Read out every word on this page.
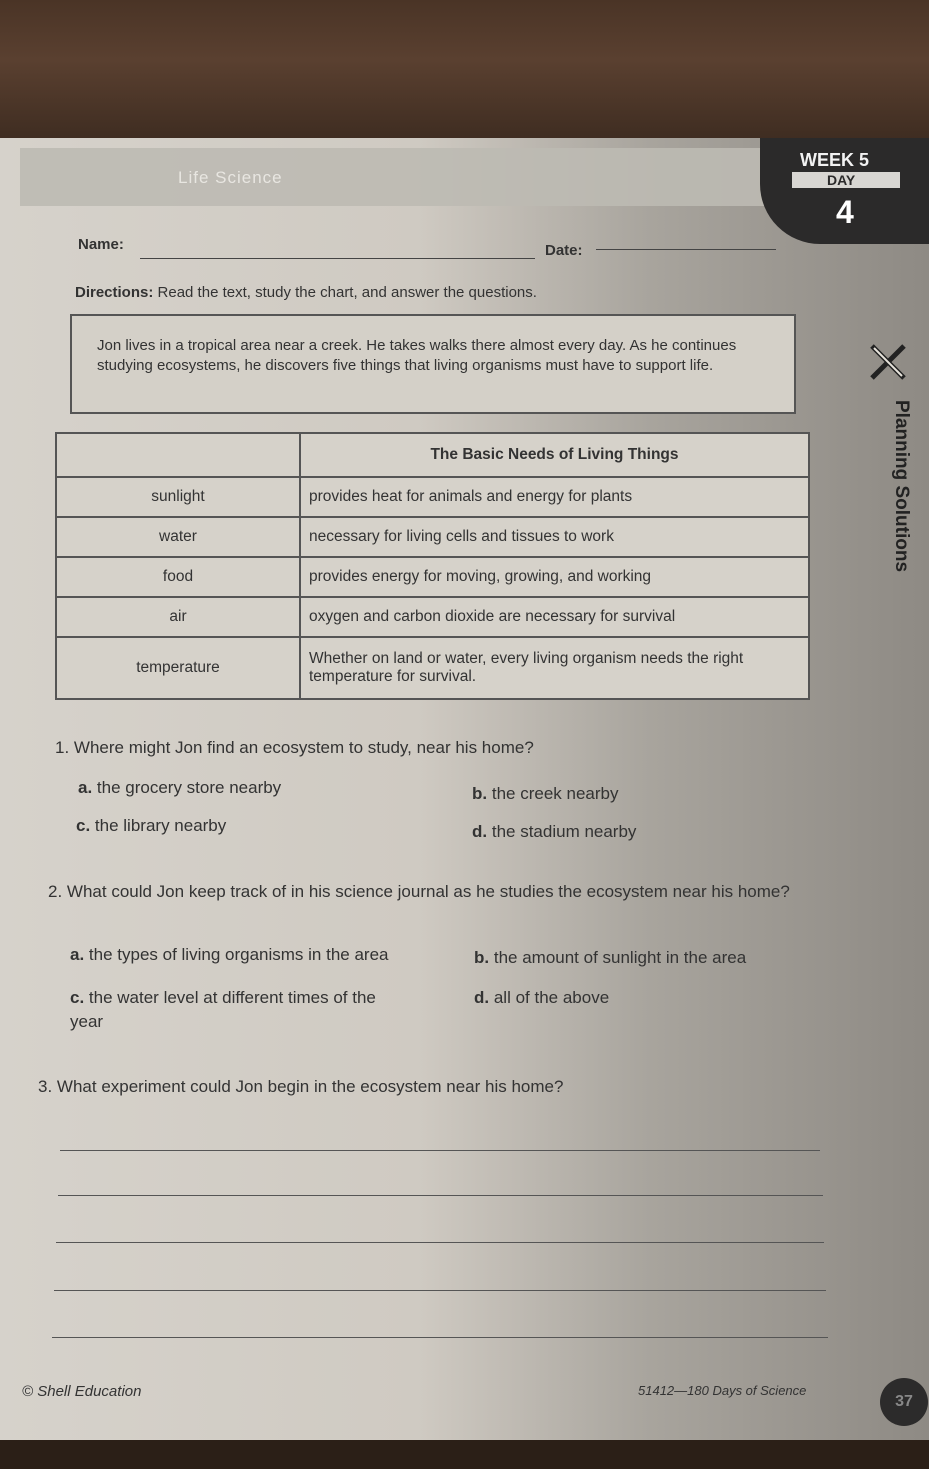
Life Science
WEEK 5
DAY
4
Name:	Date:
Directions: Read the text, study the chart, and answer the questions.
Jon lives in a tropical area near a creek. He takes walks there almost every day. As he continues studying ecosystems, he discovers five things that living organisms must have to support life.
	The Basic Needs of Living Things
sunlight	provides heat for animals and energy for plants
water	necessary for living cells and tissues to work
food	provides energy for moving, growing, and working
air	oxygen and carbon dioxide are necessary for survival
temperature	Whether on land or water, every living organism needs the right temperature for survival.
1. Where might Jon find an ecosystem to study, near his home?
a. the grocery store nearby	b. the creek nearby
c. the library nearby	d. the stadium nearby
2. What could Jon keep track of in his science journal as he studies the ecosystem near his home?
a. the types of living organisms in the area	b. the amount of sunlight in the area
c. the water level at different times of the year
d. all of the above
3. What experiment could Jon begin in the ecosystem near his home?
Planning Solutions
© Shell Education	51412—180 Days of Science
37
